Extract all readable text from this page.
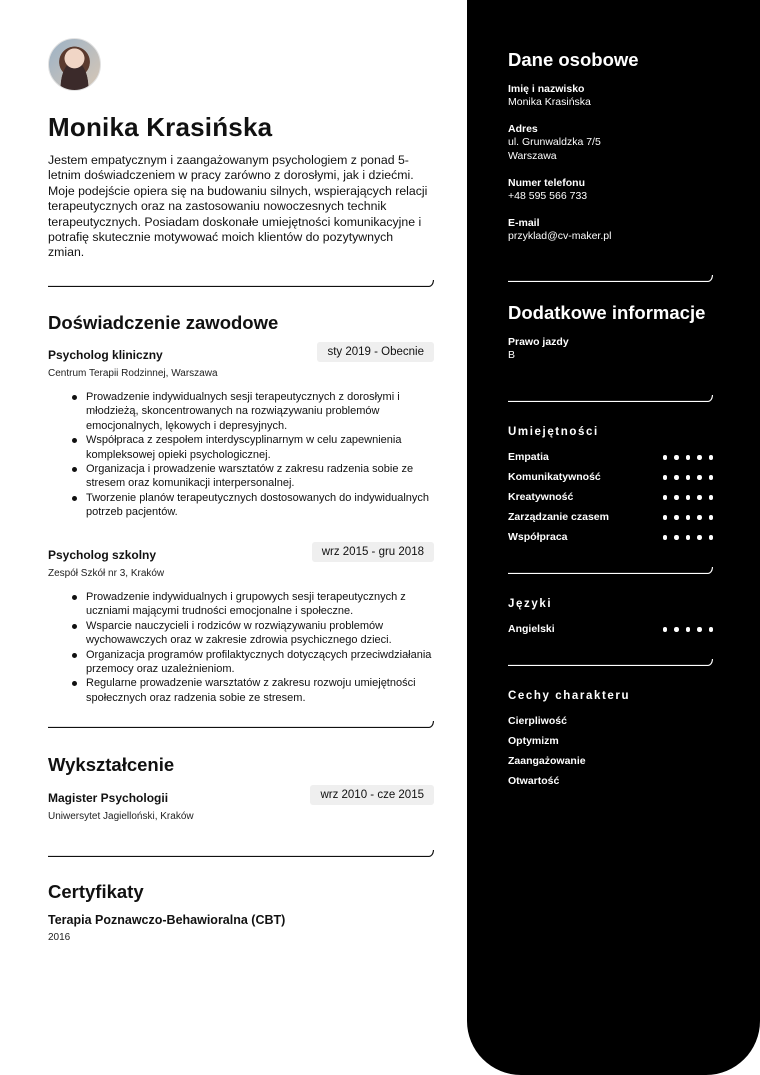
Monika Krasińska
Jestem empatycznym i zaangażowanym psychologiem z ponad 5-letnim doświadczeniem w pracy zarówno z dorosłymi, jak i dziećmi. Moje podejście opiera się na budowaniu silnych, wspierających relacji terapeutycznych oraz na zastosowaniu nowoczesnych technik terapeutycznych. Posiadam doskonałe umiejętności komunikacyjne i potrafię skutecznie motywować moich klientów do pozytywnych zmian.
Doświadczenie zawodowe
Psycholog kliniczny	sty 2019 - Obecnie
Centrum Terapii Rodzinnej, Warszawa
Prowadzenie indywidualnych sesji terapeutycznych z dorosłymi i młodzieżą, skoncentrowanych na rozwiązywaniu problemów emocjonalnych, lękowych i depresyjnych.
Współpraca z zespołem interdyscyplinarnym w celu zapewnienia kompleksowej opieki psychologicznej.
Organizacja i prowadzenie warsztatów z zakresu radzenia sobie ze stresem oraz komunikacji interpersonalnej.
Tworzenie planów terapeutycznych dostosowanych do indywidualnych potrzeb pacjentów.
Psycholog szkolny	wrz 2015 - gru 2018
Zespół Szkół nr 3, Kraków
Prowadzenie indywidualnych i grupowych sesji terapeutycznych z uczniami mającymi trudności emocjonalne i społeczne.
Wsparcie nauczycieli i rodziców w rozwiązywaniu problemów wychowawczych oraz w zakresie zdrowia psychicznego dzieci.
Organizacja programów profilaktycznych dotyczących przeciwdziałania przemocy oraz uzależnieniom.
Regularne prowadzenie warsztatów z zakresu rozwoju umiejętności społecznych oraz radzenia sobie ze stresem.
Wykształcenie
Magister Psychologii	wrz 2010 - cze 2015
Uniwersytet Jagielloński, Kraków
Certyfikaty
Terapia Poznawczo-Behawioralna (CBT)
2016
Dane osobowe
Imię i nazwisko
Monika Krasińska
Adres
ul. Grunwaldzka 7/5
Warszawa
Numer telefonu
+48 595 566 733
E-mail
przyklad@cv-maker.pl
Dodatkowe informacje
Prawo jazdy
B
Umiejętności
Empatia
Komunikatywność
Kreatywność
Zarządzanie czasem
Współpraca
Języki
Angielski
Cechy charakteru
Cierpliwość
Optymizm
Zaangażowanie
Otwartość
